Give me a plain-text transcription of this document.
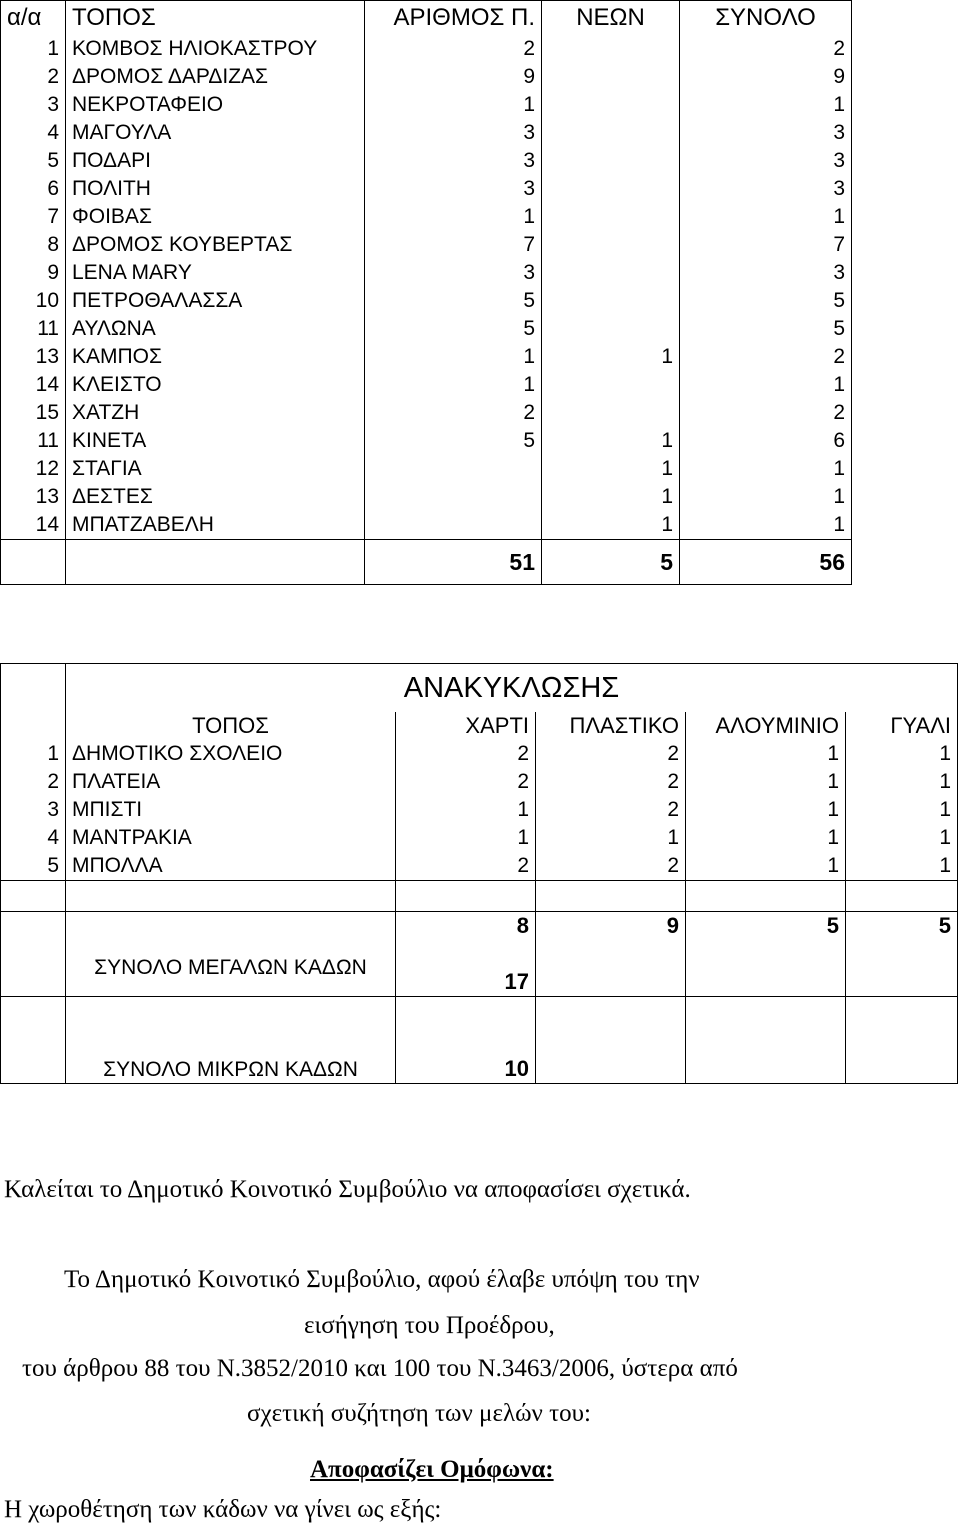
α/α	ΤΟΠΟΣ	ΑΡΙΘΜΟΣ Π.	ΝΕΩΝ	ΣΥΝΟΛΟ
1	ΚΟΜΒΟΣ ΗΛΙΟΚΑΣΤΡΟΥ	2		2
2	ΔΡΟΜΟΣ ΔΑΡΔΙΖΑΣ	9		9
3	ΝΕΚΡΟΤΑΦΕΙΟ	1		1
4	ΜΑΓΟΥΛΑ	3		3
5	ΠΟΔΑΡΙ	3		3
6	ΠΟΛΙΤΗ	3		3
7	ΦΟΙΒΑΣ	1		1
8	ΔΡΟΜΟΣ ΚΟΥΒΕΡΤΑΣ	7		7
9	LENA MARY	3		3
10	ΠΕΤΡΟΘΑΛΑΣΣΑ	5		5
11	ΑΥΛΩΝΑ	5		5
13	ΚΑΜΠΟΣ	1	1	2
14	ΚΛΕΙΣΤΟ	1		1
15	ΧΑΤΖΗ	2		2
11	ΚΙΝΕΤΑ	5	1	6
12	ΣΤΑΓΙΑ		1	1
13	ΔΕΣΤΕΣ		1	1
14	ΜΠΑΤΖΑΒΕΛΗ		1	1
		51	5	56
	ΑΝΑΚΥΚΛΩΣΗΣ				
	ΤΟΠΟΣ	ΧΑΡΤΙ	ΠΛΑΣΤΙΚΟ	ΑΛΟΥΜΙΝΙΟ	ΓΥΑΛΙ
1	ΔΗΜΟΤΙΚΟ ΣΧΟΛΕΙΟ	2	2	1	1
2	ΠΛΑΤΕΙΑ	2	2	1	1
3	ΜΠΙΣΤΙ	1	2	1	1
4	ΜΑΝΤΡΑΚΙΑ	1	1	1	1
5	ΜΠΟΛΛΑ	2	2	1	1

		8	9	5	5
	ΣΥΝΟΛΟ ΜΕΓΑΛΩΝ ΚΑΔΩΝ	17			
	ΣΥΝΟΛΟ ΜΙΚΡΩΝ ΚΑΔΩΝ	10			
Καλείται το Δημοτικό Κοινοτικό Συμβούλιο να αποφασίσει σχετικά.
Το Δημοτικό Κοινοτικό Συμβούλιο, αφού έλαβε υπόψη του την
εισήγηση του Προέδρου,
του άρθρου 88 του Ν.3852/2010 και 100 του Ν.3463/2006, ύστερα από
σχετική συζήτηση των μελών του:
Αποφασίζει Ομόφωνα:
Η χωροθέτηση των κάδων να γίνει ως εξής:
